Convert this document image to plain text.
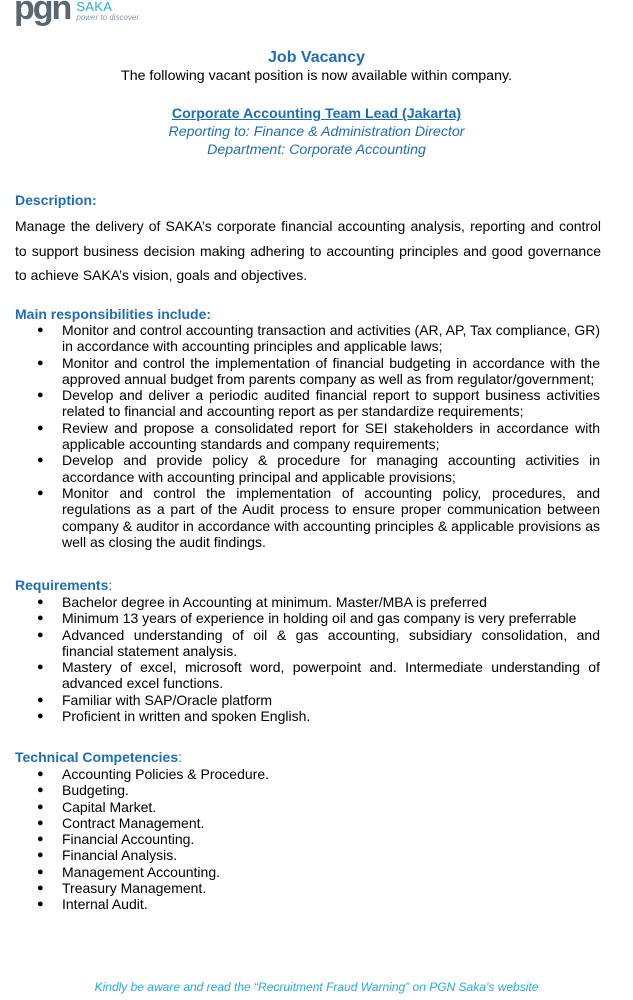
pgn SAKA
power to discover
Job Vacancy
The following vacant position is now available within company.
Corporate Accounting Team Lead (Jakarta)
Reporting to: Finance & Administration Director
Department: Corporate Accounting
Description:
Manage the delivery of SAKA’s corporate financial accounting analysis, reporting and control to support business decision making adhering to accounting principles and good governance to achieve SAKA’s vision, goals and objectives.
Main responsibilities include:
● Monitor and control accounting transaction and activities (AR, AP, Tax compliance, GR) in accordance with accounting principles and applicable laws;
● Monitor and control the implementation of financial budgeting in accordance with the approved annual budget from parents company as well as from regulator/government;
● Develop and deliver a periodic audited financial report to support business activities related to financial and accounting report as per standardize requirements;
● Review and propose a consolidated report for SEI stakeholders in accordance with applicable accounting standards and company requirements;
● Develop and provide policy & procedure for managing accounting activities in accordance with accounting principal and applicable provisions;
● Monitor and control the implementation of accounting policy, procedures, and regulations as a part of the Audit process to ensure proper communication between company & auditor in accordance with accounting principles & applicable provisions as well as closing the audit findings.
Requirements:
● Bachelor degree in Accounting at minimum. Master/MBA is preferred
● Minimum 13 years of experience in holding oil and gas company is very preferrable
● Advanced understanding of oil & gas accounting, subsidiary consolidation, and financial statement analysis.
● Mastery of excel, microsoft word, powerpoint and. Intermediate understanding of advanced excel functions.
● Familiar with SAP/Oracle platform
● Proficient in written and spoken English.
Technical Competencies:
● Accounting Policies & Procedure.
● Budgeting.
● Capital Market.
● Contract Management.
● Financial Accounting.
● Financial Analysis.
● Management Accounting.
● Treasury Management.
● Internal Audit.
Kindly be aware and read the “Recruitment Fraud Warning” on PGN Saka’s website
